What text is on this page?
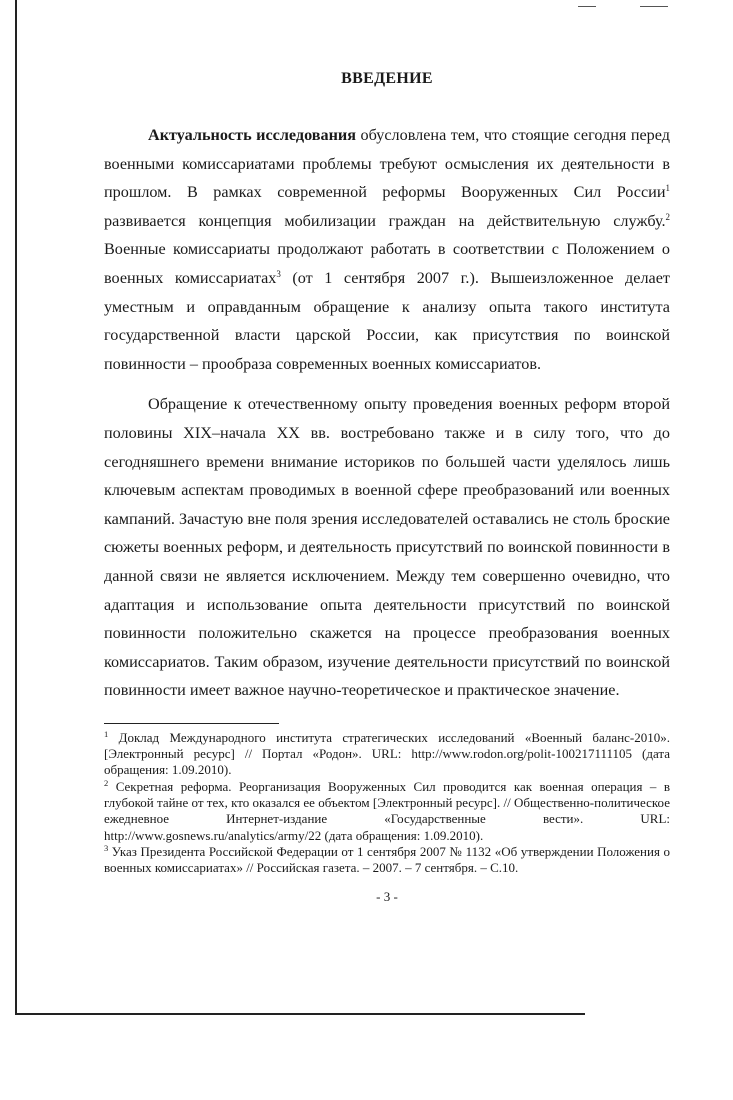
ВВЕДЕНИЕ

Актуальность исследования обусловлена тем, что стоящие сегодня перед военными комиссариатами проблемы требуют осмысления их деятельности в прошлом. В рамках современной реформы Вооруженных Сил России$^1$ развивается концепция мобилизации граждан на действительную службу.$^2$ Военные комиссариаты продолжают работать в соответствии с Положением о военных комиссариатах$^3$ (от 1 сентября 2007 г.). Вышеизложенное делает уместным и оправданным обращение к анализу опыта такого института государственной власти царской России, как присутствия по воинской повинности – прообраза современных военных комиссариатов.

Обращение к отечественному опыту проведения военных реформ второй половины XIX–начала XX вв. востребовано также и в силу того, что до сегодняшнего времени внимание историков по большей части уделялось лишь ключевым аспектам проводимых в военной сфере преобразований или военных кампаний. Зачастую вне поля зрения исследователей оставались не столь броские сюжеты военных реформ, и деятельность присутствий по воинской повинности в данной связи не является исключением. Между тем совершенно очевидно, что адаптация и использование опыта деятельности присутствий по воинской повинности положительно скажется на процессе преобразования военных комиссариатов. Таким образом, изучение деятельности присутствий по воинской повинности имеет важное научно-теоретическое и практическое значение.

$^1$ Доклад Международного института стратегических исследований «Военный баланс-2010». [Электронный ресурс] // Портал «Родон». URL: http://www.rodon.org/polit-100217111105 (дата обращения: 1.09.2010).

$^2$ Секретная реформа. Реорганизация Вооруженных Сил проводится как военная операция – в глубокой тайне от тех, кто оказался ее объектом [Электронный ресурс]. // Общественно-политическое ежедневное Интернет-издание «Государственные вести». URL: http://www.gosnews.ru/analytics/army/22 (дата обращения: 1.09.2010).

$^3$ Указ Президента Российской Федерации от 1 сентября 2007 № 1132 «Об утверждении Положения о военных комиссариатах» // Российская газета. – 2007. – 7 сентября. – С.10.

- 3 -
